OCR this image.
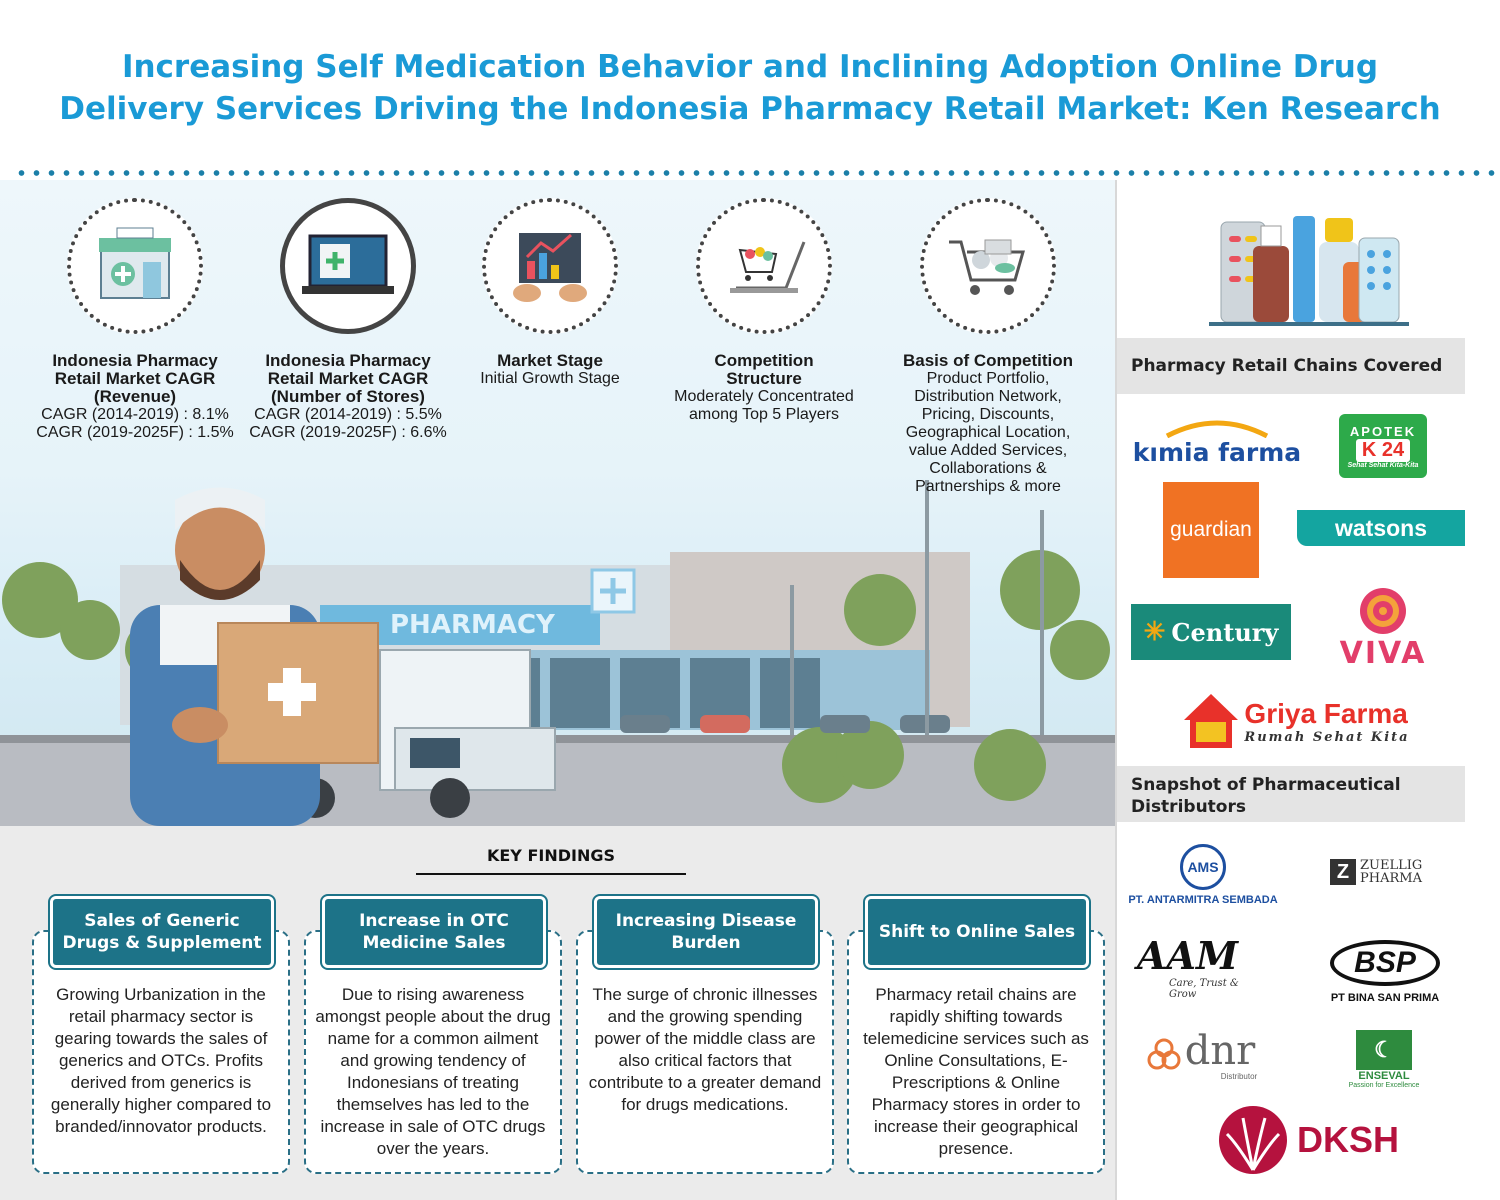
Increasing Self Medication Behavior and Inclining Adoption Online Drug
Delivery Services Driving the Indonesia Pharmacy Retail Market: Ken Research
PHARMACY
Indonesia Pharmacy Retail Market CAGR (Revenue)
CAGR (2014-2019) : 8.1%
CAGR (2019-2025F) : 1.5%
Indonesia Pharmacy Retail Market CAGR (Number of Stores)
CAGR (2014-2019) : 5.5%
CAGR (2019-2025F) : 6.6%
Market Stage
Initial Growth Stage
Competition Structure
Moderately Concentrated among Top 5 Players
Basis of Competition
Product Portfolio, Distribution Network, Pricing, Discounts, Geographical Location, value Added Services, Collaborations & Partnerships & more
Pharmacy Retail Chains Covered
kımia farma
APOTEK
K 24
Sehat Sehat Kita-Kita
guardian	watsons
✳ Century
VIVA
Griya Farma
Rumah Sehat Kita
Snapshot of Pharmaceutical Distributors
AMS
PT. ANTARMITRA SEMBADA
Z ZUELLIG PHARMA
AAM
Care, Trust & Grow
BSP
PT BINA SAN PRIMA
dnr
Distributor
☾
ENSEVAL
Passion for Excellence
DKSH
KEY FINDINGS
Growing Urbanization in the retail pharmacy sector is gearing towards the sales of generics and OTCs. Profits derived from generics is generally higher compared to branded/innovator products.
Sales of Generic Drugs & Supplement
Due to rising awareness amongst people about the drug name for a common ailment and growing tendency of Indonesians of treating themselves has led to the increase in sale of OTC drugs over the years.
Increase in OTC Medicine Sales
The surge of chronic illnesses and the growing spending power of the middle class are also critical factors that contribute to a greater demand for drugs medications.
Increasing Disease Burden
Pharmacy retail chains are rapidly shifting towards telemedicine services such as Online Consultations, E-Prescriptions & Online Pharmacy stores in order to increase their geographical presence.
Shift to Online Sales
